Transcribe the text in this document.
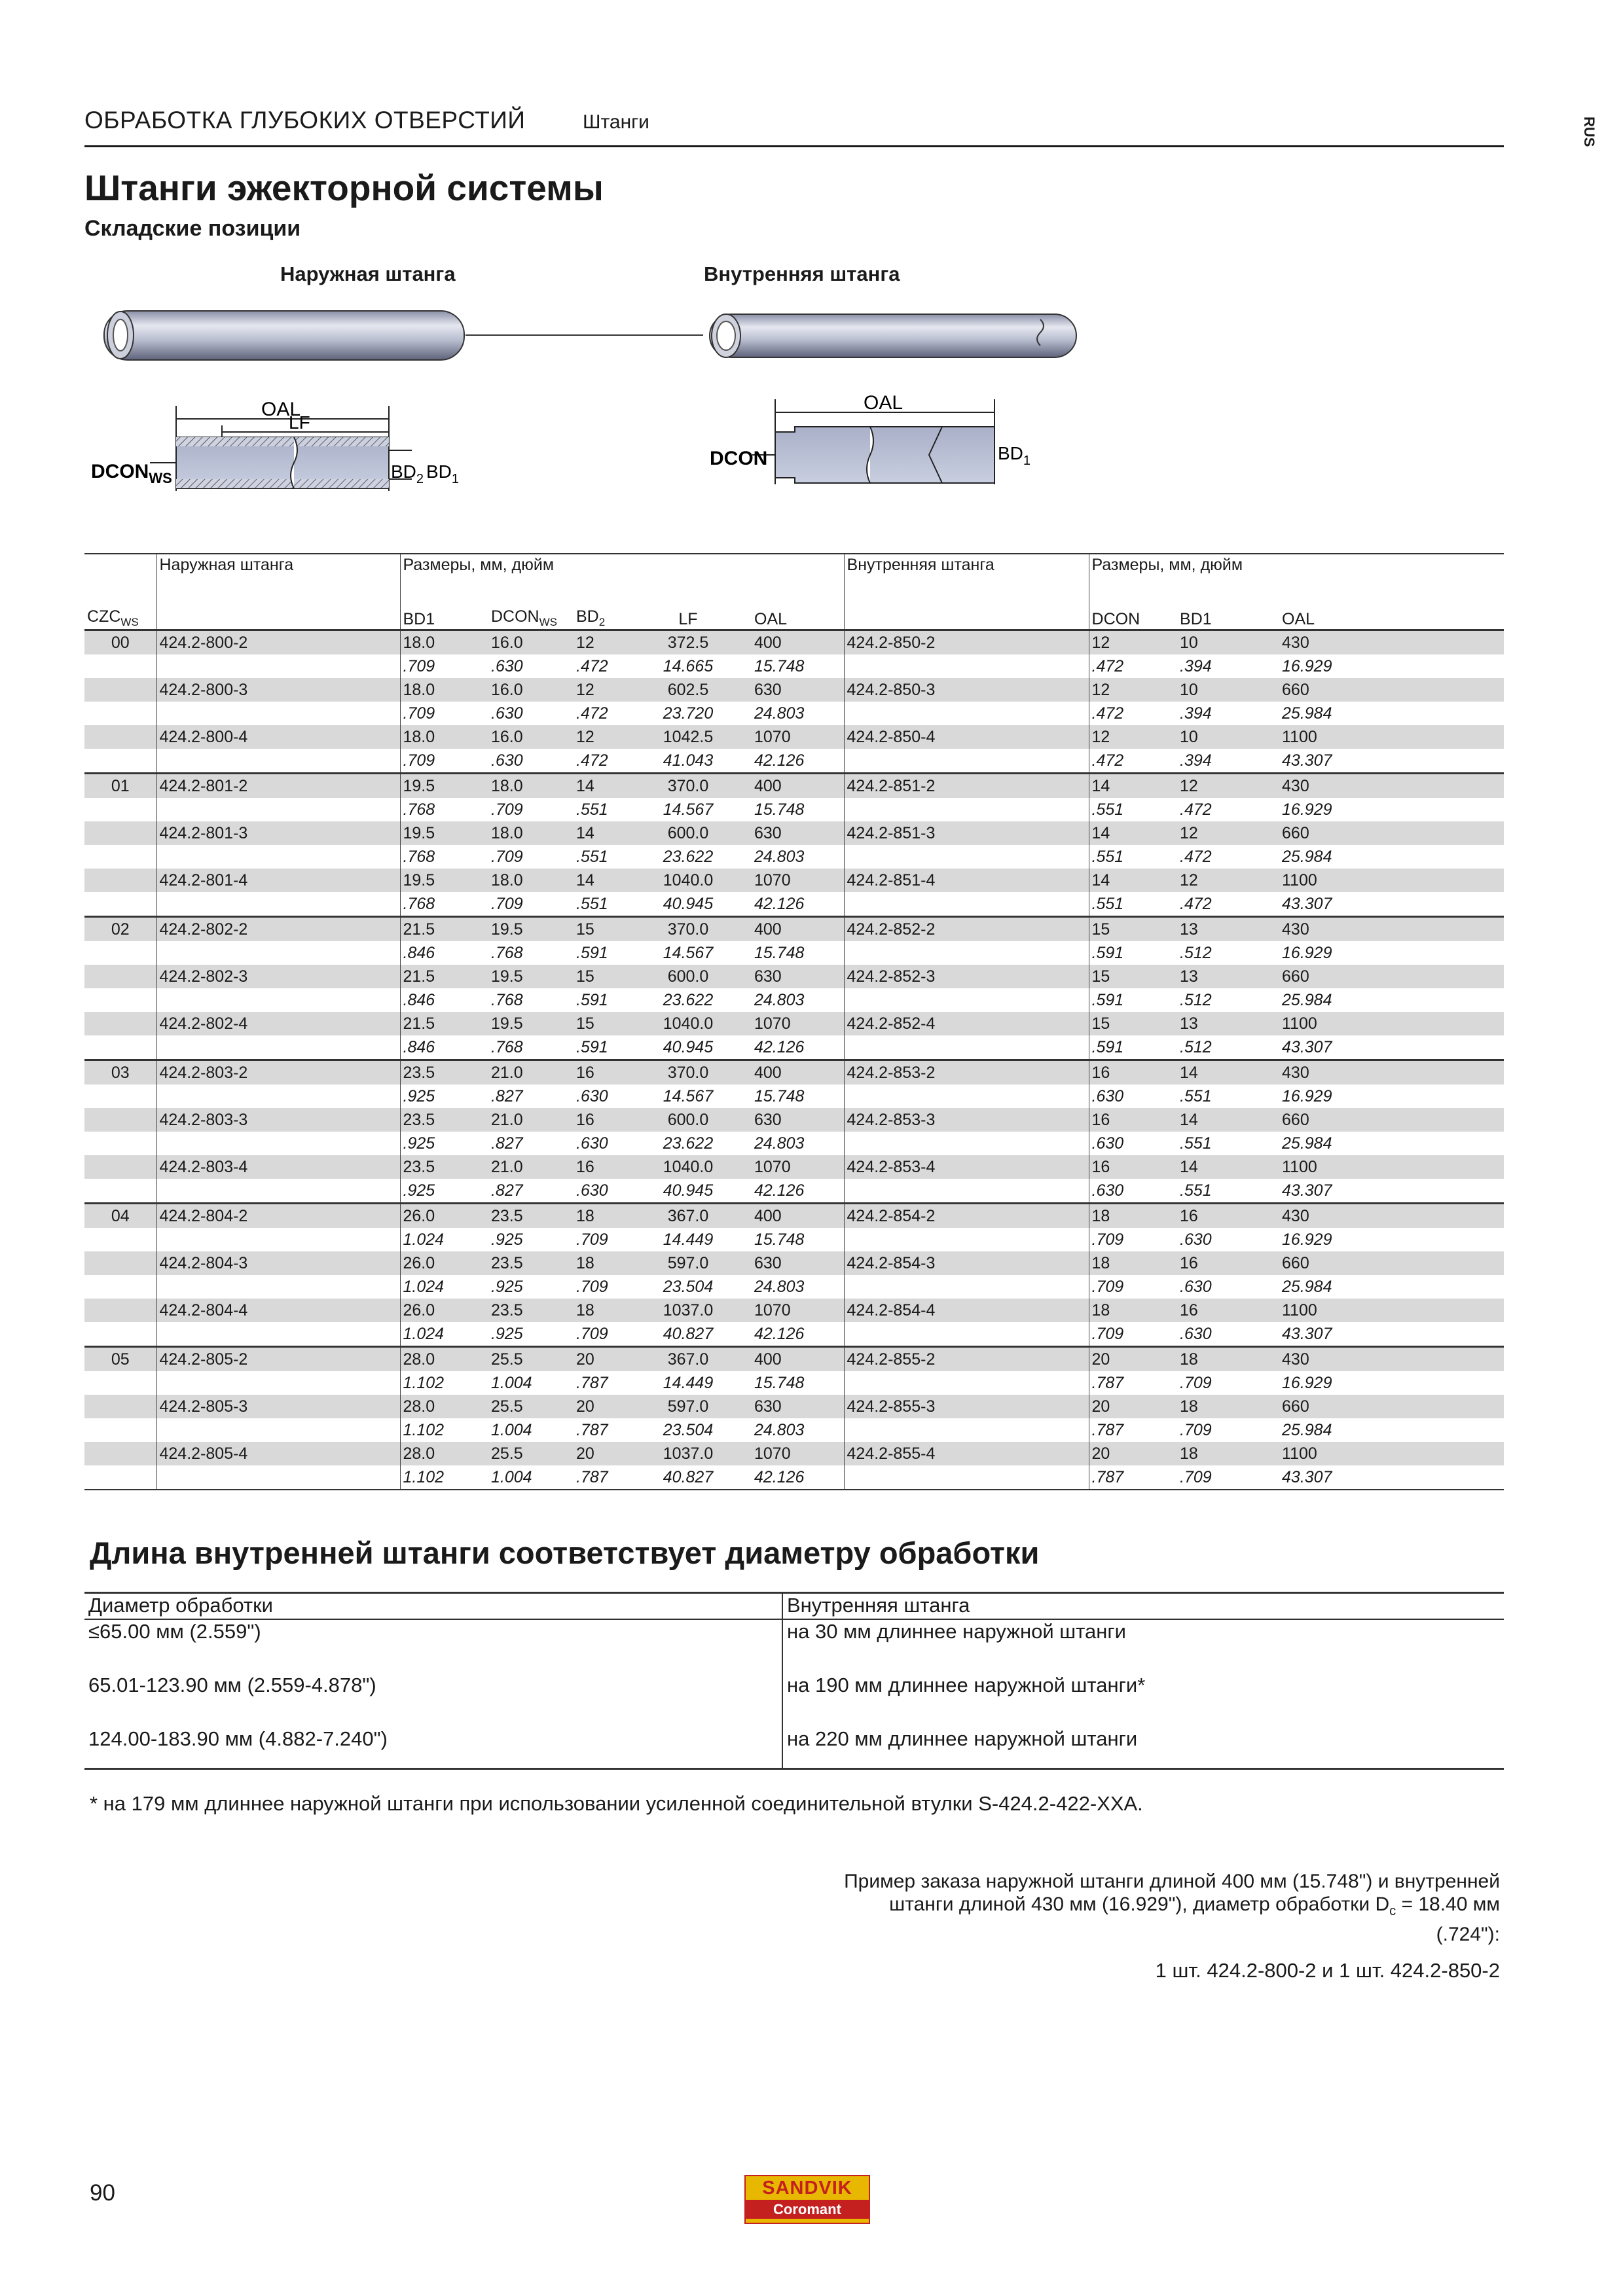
ОБРАБОТКА ГЛУБОКИХ ОТВЕРСТИЙ	Штанги	RUS
Штанги эжекторной системы
Складские позиции
Наружная штанга	Внутренняя штанга
OAL
LF
$DCON_{WS}$	$BD_2$ $BD_1$
OAL
DCON	$BD_1$
	Наружная штанга	Размеры, мм, дюйм					Внутренняя штанга	Размеры, мм, дюйм		
$CZC_{WS}$		BD1	$DCON_{WS}$	$BD_2$	LF	OAL		DCON	BD1	OAL
00	424.2-800-2	18.0	16.0	12	372.5	400	424.2-850-2	12	10	430
		.709	.630	.472	14.665	15.748		.472	.394	16.929
	424.2-800-3	18.0	16.0	12	602.5	630	424.2-850-3	12	10	660
		.709	.630	.472	23.720	24.803		.472	.394	25.984
	424.2-800-4	18.0	16.0	12	1042.5	1070	424.2-850-4	12	10	1100
		.709	.630	.472	41.043	42.126		.472	.394	43.307
01	424.2-801-2	19.5	18.0	14	370.0	400	424.2-851-2	14	12	430
		.768	.709	.551	14.567	15.748		.551	.472	16.929
	424.2-801-3	19.5	18.0	14	600.0	630	424.2-851-3	14	12	660
		.768	.709	.551	23.622	24.803		.551	.472	25.984
	424.2-801-4	19.5	18.0	14	1040.0	1070	424.2-851-4	14	12	1100
		.768	.709	.551	40.945	42.126		.551	.472	43.307
02	424.2-802-2	21.5	19.5	15	370.0	400	424.2-852-2	15	13	430
		.846	.768	.591	14.567	15.748		.591	.512	16.929
	424.2-802-3	21.5	19.5	15	600.0	630	424.2-852-3	15	13	660
		.846	.768	.591	23.622	24.803		.591	.512	25.984
	424.2-802-4	21.5	19.5	15	1040.0	1070	424.2-852-4	15	13	1100
		.846	.768	.591	40.945	42.126		.591	.512	43.307
03	424.2-803-2	23.5	21.0	16	370.0	400	424.2-853-2	16	14	430
		.925	.827	.630	14.567	15.748		.630	.551	16.929
	424.2-803-3	23.5	21.0	16	600.0	630	424.2-853-3	16	14	660
		.925	.827	.630	23.622	24.803		.630	.551	25.984
	424.2-803-4	23.5	21.0	16	1040.0	1070	424.2-853-4	16	14	1100
		.925	.827	.630	40.945	42.126		.630	.551	43.307
04	424.2-804-2	26.0	23.5	18	367.0	400	424.2-854-2	18	16	430
		1.024	.925	.709	14.449	15.748		.709	.630	16.929
	424.2-804-3	26.0	23.5	18	597.0	630	424.2-854-3	18	16	660
		1.024	.925	.709	23.504	24.803		.709	.630	25.984
	424.2-804-4	26.0	23.5	18	1037.0	1070	424.2-854-4	18	16	1100
		1.024	.925	.709	40.827	42.126		.709	.630	43.307
05	424.2-805-2	28.0	25.5	20	367.0	400	424.2-855-2	20	18	430
		1.102	1.004	.787	14.449	15.748		.787	.709	16.929
	424.2-805-3	28.0	25.5	20	597.0	630	424.2-855-3	20	18	660
		1.102	1.004	.787	23.504	24.803		.787	.709	25.984
	424.2-805-4	28.0	25.5	20	1037.0	1070	424.2-855-4	20	18	1100
		1.102	1.004	.787	40.827	42.126		.787	.709	43.307
Длина внутренней штанги соответствует диаметру обработки
Диаметр обработки	Внутренняя штанга
≤65.00 мм (2.559")	на 30 мм длиннее наружной штанги
65.01-123.90 мм (2.559-4.878")	на 190 мм длиннее наружной штанги*
124.00-183.90 мм (4.882-7.240")	на 220 мм длиннее наружной штанги
* на 179 мм длиннее наружной штанги при использовании усиленной соединительной втулки S-424.2-422-XXA.
Пример заказа наружной штанги длиной 400 мм (15.748") и внутренней
штанги длиной 430 мм (16.929"), диаметр обработки $D_c = 18.40$ мм
(.724"):
1 шт. 424.2-800-2 и 1 шт. 424.2-850-2
90	SANDVIK
Coromant
